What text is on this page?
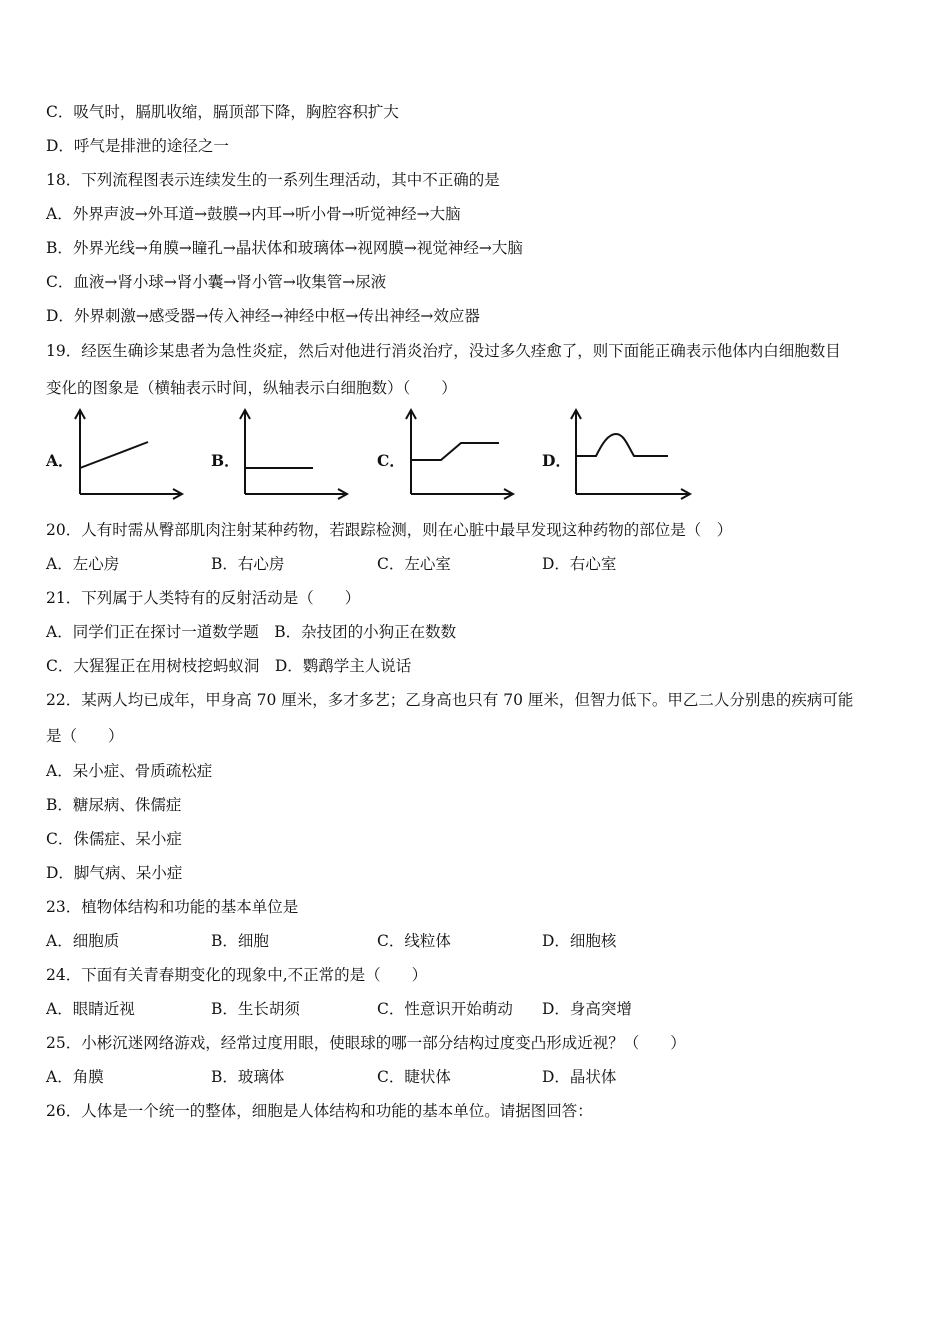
C．吸气时，膈肌收缩，膈顶部下降，胸腔容积扩大
D．呼气是排泄的途径之一
18．下列流程图表示连续发生的一系列生理活动，其中不正确的是
A．外界声波→外耳道→鼓膜→内耳→听小骨→听觉神经→大脑
B．外界光线→角膜→瞳孔→晶状体和玻璃体→视网膜→视觉神经→大脑
C．血液→肾小球→肾小囊→肾小管→收集管→尿液
D．外界刺激→感受器→传入神经→神经中枢→传出神经→效应器
19．经医生确诊某患者为急性炎症，然后对他进行消炎治疗，没过多久痊愈了，则下面能正确表示他体内白细胞数目
变化的图象是（横轴表示时间，纵轴表示白细胞数）（　　）
A．	B．	C．	D．
20．人有时需从臀部肌肉注射某种药物，若跟踪检测，则在心脏中最早发现这种药物的部位是（　）
A．左心房	B．右心房	C．左心室	D．右心室
21．下列属于人类特有的反射活动是（　　）
A．同学们正在探讨一道数学题　B．杂技团的小狗正在数数
C．大猩猩正在用树枝挖蚂蚁洞　D．鹦鹉学主人说话
22．某两人均已成年，甲身高 70 厘米，多才多艺；乙身高也只有 70 厘米，但智力低下。甲乙二人分别患的疾病可能
是（　　）
A．呆小症、骨质疏松症
B．糖尿病、侏儒症
C．侏儒症、呆小症
D．脚气病、呆小症
23．植物体结构和功能的基本单位是
A．细胞质	B．细胞	C．线粒体	D．细胞核
24．下面有关青春期变化的现象中,不正常的是（　　）
A．眼睛近视	B．生长胡须	C．性意识开始萌动 D．身高突增
25．小彬沉迷网络游戏，经常过度用眼，使眼球的哪一部分结构过度变凸形成近视？（　　）
A．角膜	B．玻璃体	C．睫状体	D．晶状体
26．人体是一个统一的整体，细胞是人体结构和功能的基本单位。请据图回答：
